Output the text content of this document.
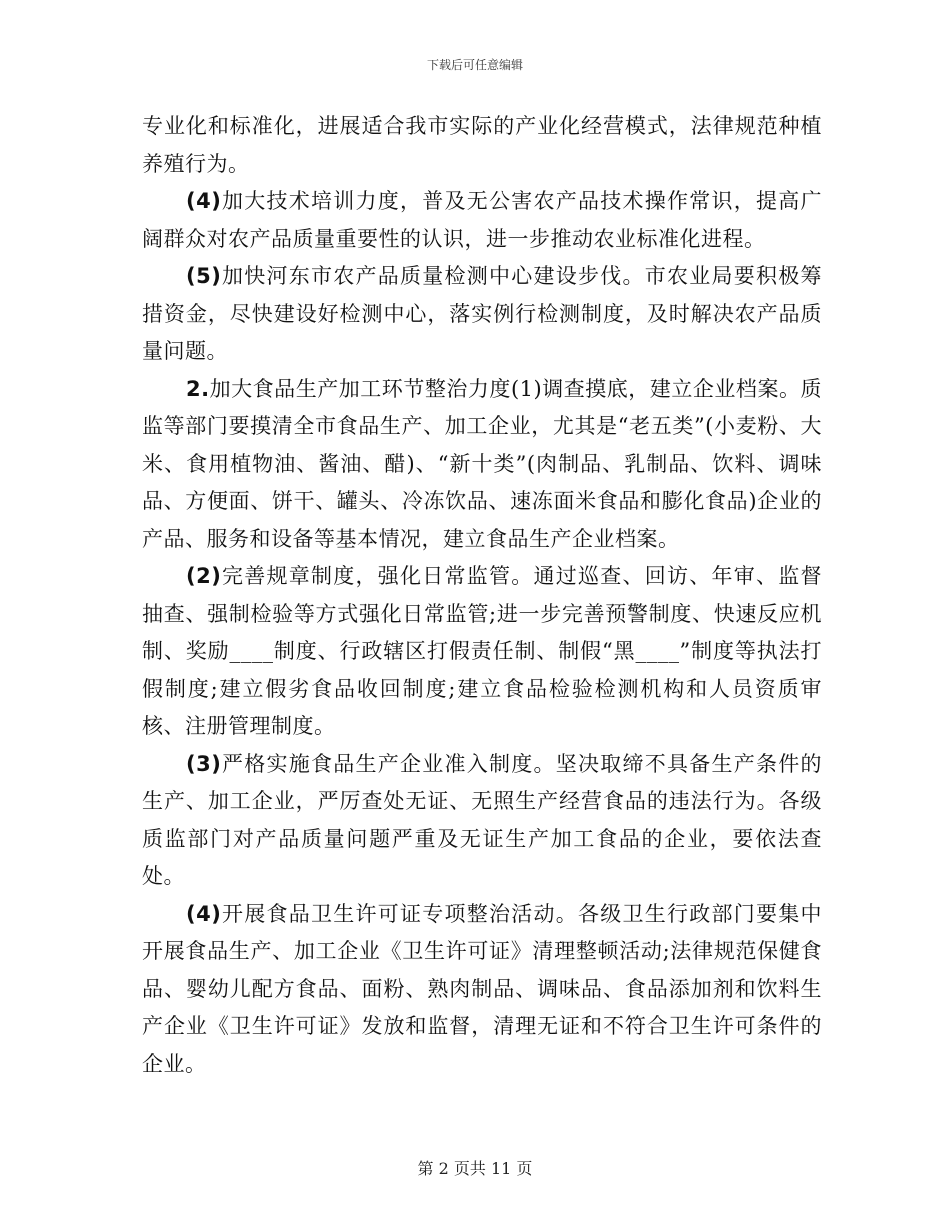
下载后可任意编辑

专业化和标准化，进展适合我市实际的产业化经营模式，法律规范种植养殖行为。

(4)加大技术培训力度，普及无公害农产品技术操作常识，提高广阔群众对农产品质量重要性的认识，进一步推动农业标准化进程。

(5)加快河东市农产品质量检测中心建设步伐。市农业局要积极筹措资金，尽快建设好检测中心，落实例行检测制度，及时解决农产品质量问题。

2.加大食品生产加工环节整治力度(1)调查摸底，建立企业档案。质监等部门要摸清全市食品生产、加工企业，尤其是“老五类”(小麦粉、大米、食用植物油、酱油、醋)、“新十类”(肉制品、乳制品、饮料、调味品、方便面、饼干、罐头、冷冻饮品、速冻面米食品和膨化食品)企业的产品、服务和设备等基本情况，建立食品生产企业档案。

(2)完善规章制度，强化日常监管。通过巡查、回访、年审、监督抽查、强制检验等方式强化日常监管;进一步完善预警制度、快速反应机制、奖励____制度、行政辖区打假责任制、制假“黑____”制度等执法打假制度;建立假劣食品收回制度;建立食品检验检测机构和人员资质审核、注册管理制度。

(3)严格实施食品生产企业准入制度。坚决取缔不具备生产条件的生产、加工企业，严厉查处无证、无照生产经营食品的违法行为。各级质监部门对产品质量问题严重及无证生产加工食品的企业，要依法查处。

(4)开展食品卫生许可证专项整治活动。各级卫生行政部门要集中开展食品生产、加工企业《卫生许可证》清理整顿活动;法律规范保健食品、婴幼儿配方食品、面粉、熟肉制品、调味品、食品添加剂和饮料生产企业《卫生许可证》发放和监督，清理无证和不符合卫生许可条件的企业。

第 2 页共 11 页
